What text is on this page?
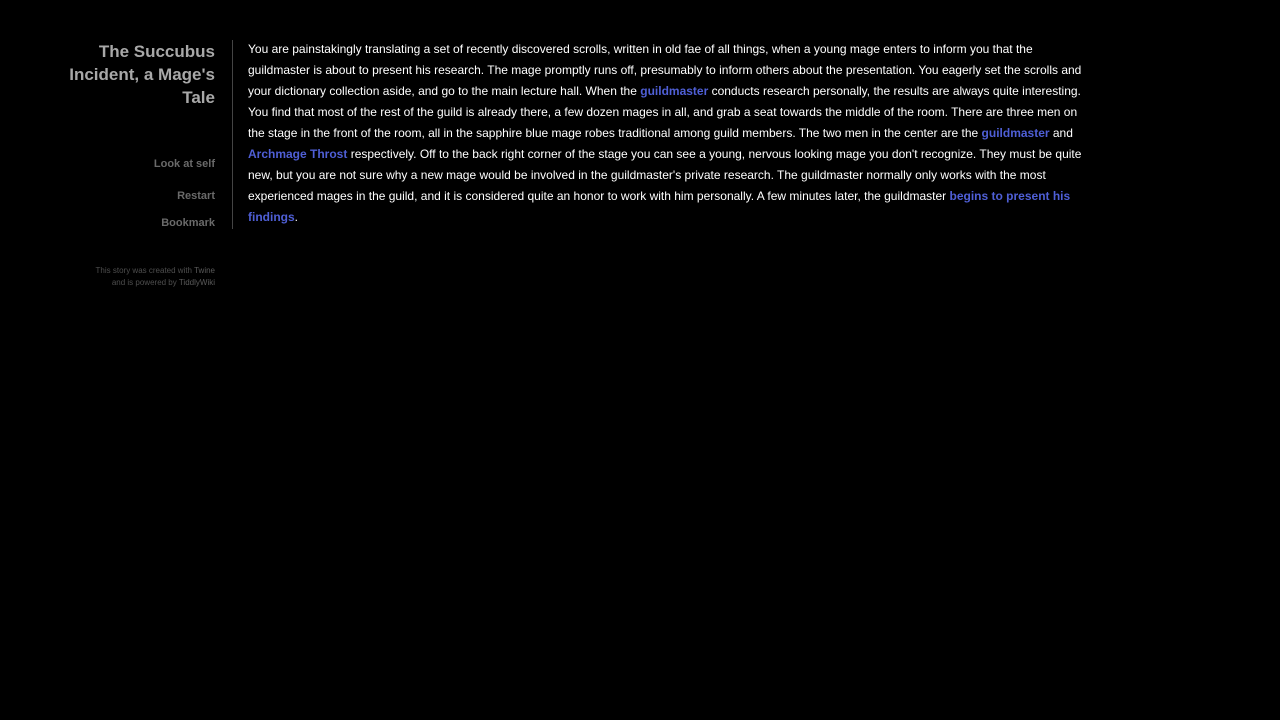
The Succubus Incident, a Mage's Tale
Look at self
Restart
Bookmark
This story was created with Twine
and is powered by TiddlyWiki
You are painstakingly translating a set of recently discovered scrolls, written in old fae of all things, when a young mage enters to inform you that the guildmaster is about to present his research. The mage promptly runs off, presumably to inform others about the presentation. You eagerly set the scrolls and your dictionary collection aside, and go to the main lecture hall. When the guildmaster conducts research personally, the results are always quite interesting. You find that most of the rest of the guild is already there, a few dozen mages in all, and grab a seat towards the middle of the room. There are three men on the stage in the front of the room, all in the sapphire blue mage robes traditional among guild members. The two men in the center are the guildmaster and Archmage Throst respectively. Off to the back right corner of the stage you can see a young, nervous looking mage you don't recognize. They must be quite new, but you are not sure why a new mage would be involved in the guildmaster's private research. The guildmaster normally only works with the most experienced mages in the guild, and it is considered quite an honor to work with him personally. A few minutes later, the guildmaster begins to present his findings.
